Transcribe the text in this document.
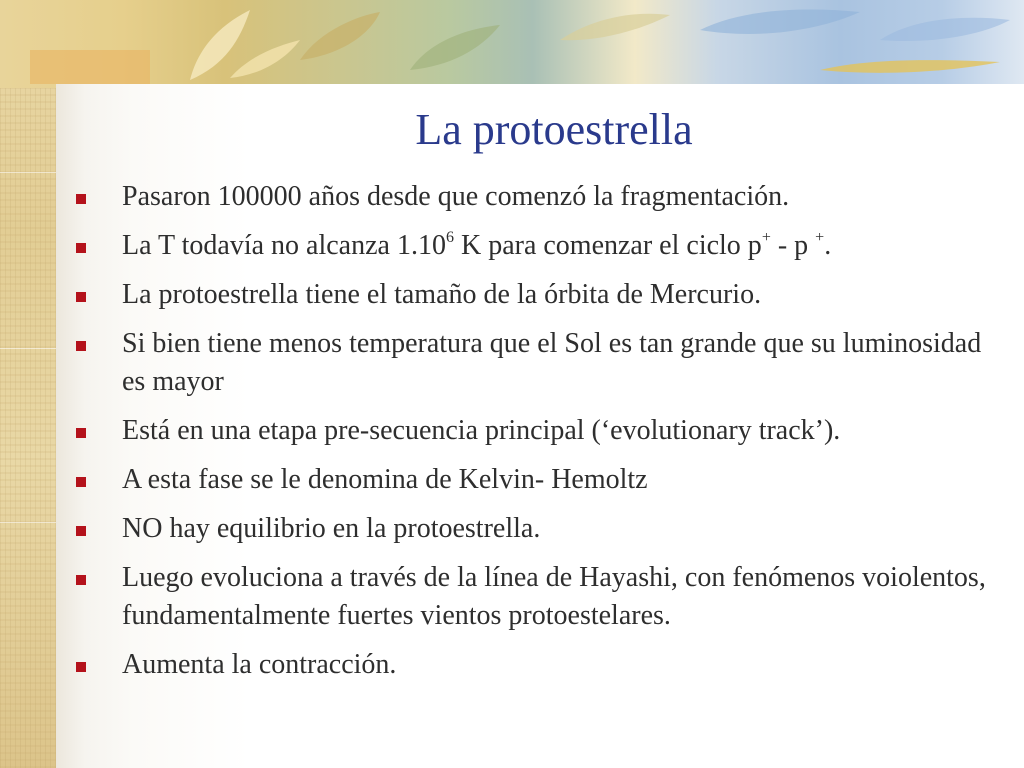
La protoestrella
Pasaron 100000 años desde que comenzó la fragmentación.
La T todavía no alcanza 1.10$^6$ K para comenzar el ciclo p+ - p +.
La protoestrella tiene el tamaño de la órbita de Mercurio.
Si bien tiene menos temperatura que el Sol es tan grande que su luminosidad es mayor
Está en una etapa pre-secuencia principal (‘evolutionary track’).
A esta fase se le denomina de Kelvin- Hemoltz
NO hay equilibrio en la protoestrella.
Luego evoluciona a través de la línea de Hayashi, con fenómenos voiolentos, fundamentalmente fuertes vientos protoestelares.
Aumenta la contracción.
